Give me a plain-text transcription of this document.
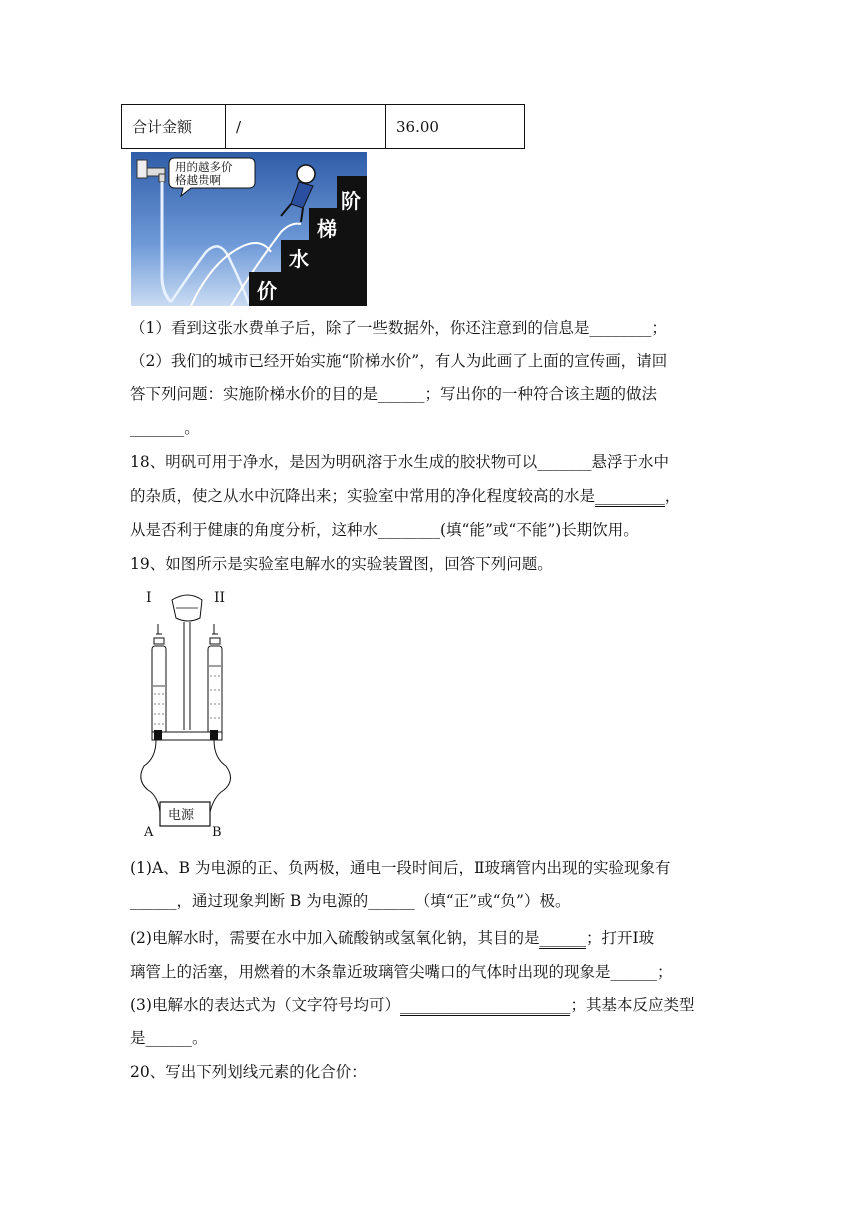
合计金额	/	36.00
价
水
梯
阶
用的越多价
格越贵啊
（1）看到这张水费单子后，除了一些数据外，你还注意到的信息是________；
（2）我们的城市已经开始实施“阶梯水价”，有人为此画了上面的宣传画，请回
答下列问题：实施阶梯水价的目的是______；写出你的一种符合该主题的做法
_______。
18、明矾可用于净水，是因为明矾溶于水生成的胶状物可以_______悬浮于水中
的杂质，使之从水中沉降出来；实验室中常用的净化程度较高的水是_________，
从是否利于健康的角度分析，这种水________(填“能”或“不能”)长期饮用。
19、如图所示是实验室电解水的实验装置图，回答下列问题。
I	II
电源
A	B
(1)A、B 为电源的正、负两极，通电一段时间后，Ⅱ玻璃管内出现的实验现象有
______，通过现象判断 B 为电源的______（填“正”或“负”）极。
(2)电解水时，需要在水中加入硫酸钠或氢氧化钠，其目的是______；打开Ⅰ玻
璃管上的活塞，用燃着的木条靠近玻璃管尖嘴口的气体时出现的现象是______；
(3)电解水的表达式为（文字符号均可）______________________；其基本反应类型
是______。
20、写出下列划线元素的化合价：
